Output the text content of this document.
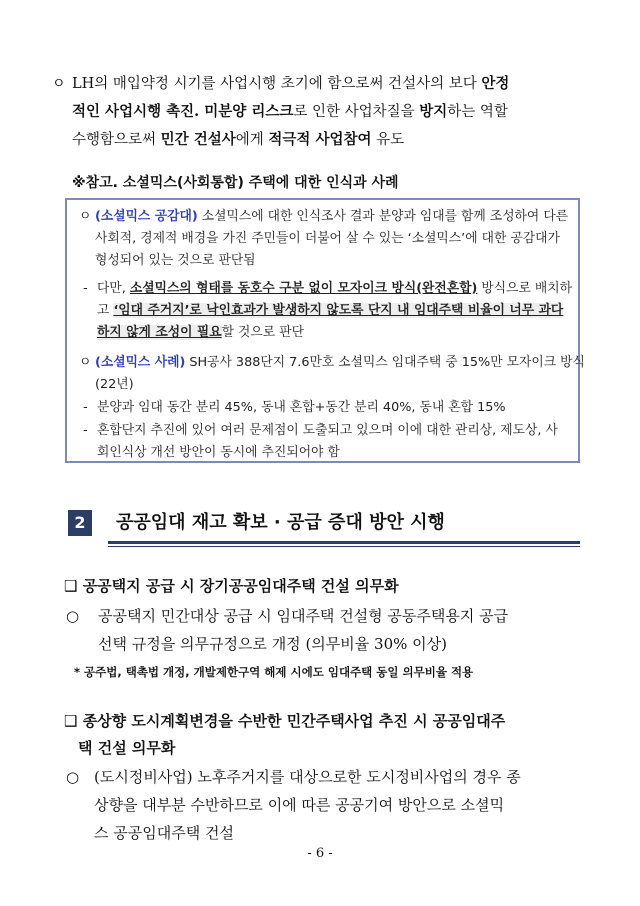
ㅇ LH의 매입약정 시기를 사업시행 초기에 함으로써 건설사의 보다 안정
적인 사업시행 촉진. 미분양 리스크로 인한 사업차질을 방지하는 역할
수행함으로써 민간 건설사에게 적극적 사업참여 유도
※참고. 소셜믹스(사회통합) 주택에 대한 인식과 사례
ㅇ (소셜믹스 공감대) 소셜믹스에 대한 인식조사 결과 분양과 임대를 함께 조성하여 다른
사회적, 경제적 배경을 가진 주민들이 더불어 살 수 있는 ‘소셜믹스’에 대한 공감대가
형성되어 있는 것으로 판단됨
- 다만, 소셜믹스의 형태를 동호수 구분 없이 모자이크 방식(완전혼합) 방식으로 배치하
고 ‘임대 주거지’로 낙인효과가 발생하지 않도록 단지 내 임대주택 비율이 너무 과다
하지 않게 조성이 필요할 것으로 판단
ㅇ (소셜믹스 사례) SH공사 388단지 7.6만호 소셜믹스 임대주택 중 15%만 모자이크 방식
(22년)
- 분양과 임대 동간 분리 45%, 동내 혼합+동간 분리 40%, 동내 혼합 15%
- 혼합단지 추진에 있어 여러 문제점이 도출되고 있으며 이에 대한 관리상, 제도상, 사
회인식상 개선 방안이 동시에 추진되어야 함
2	공공임대 재고 확보 · 공급 증대 방안 시행
❑ 공공택지 공급 시 장기공공임대주택 건설 의무화
○ 공공택지 민간대상 공급 시 임대주택 건설형 공동주택용지 공급
선택 규정을 의무규정으로 개정 (의무비율 30% 이상)
* 공주법, 택촉법 개정, 개발제한구역 해제 시에도 임대주택 동일 의무비율 적용
❑ 종상향 도시계획변경을 수반한 민간주택사업 추진 시 공공임대주
택 건설 의무화
○ (도시정비사업) 노후주거지를 대상으로한 도시정비사업의 경우 종
상향을 대부분 수반하므로 이에 따른 공공기여 방안으로 소셜믹
스 공공임대주택 건설
- 6 -
